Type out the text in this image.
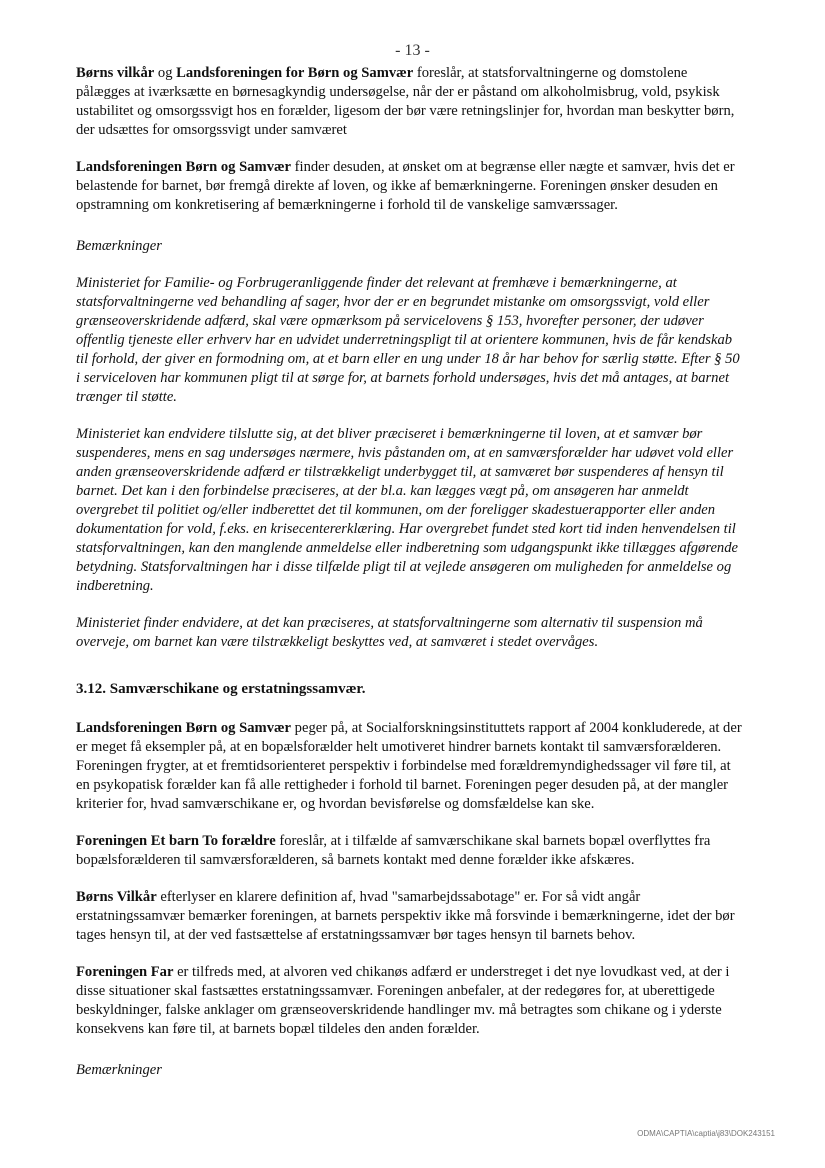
- 13 -

Børns vilkår og Landsforeningen for Børn og Samvær foreslår, at statsforvaltningerne og domstolene pålægges at iværksætte en børnesagkyndig undersøgelse, når der er påstand om alkoholmisbrug, vold, psykisk ustabilitet og omsorgssvigt hos en forælder, ligesom der bør være retningslinjer for, hvordan man beskytter børn, der udsættes for omsorgssvigt under samværet

Landsforeningen Børn og Samvær finder desuden, at ønsket om at begrænse eller nægte et samvær, hvis det er belastende for barnet, bør fremgå direkte af loven, og ikke af bemærkningerne. Foreningen ønsker desuden en opstramning om konkretisering af bemærkningerne i forhold til de vanskelige samværssager.

Bemærkninger

Ministeriet for Familie- og Forbrugeranliggende finder det relevant at fremhæve i bemærkningerne, at statsforvaltningerne ved behandling af sager, hvor der er en begrundet mistanke om omsorgssvigt, vold eller grænseoverskridende adfærd, skal være opmærksom på servicelovens § 153, hvorefter personer, der udøver offentlig tjeneste eller erhverv har en udvidet underretningspligt til at orientere kommunen, hvis de får kendskab til forhold, der giver en formodning om, at et barn eller en ung under 18 år har behov for særlig støtte. Efter § 50 i serviceloven har kommunen pligt til at sørge for, at barnets forhold undersøges, hvis det må antages, at barnet trænger til støtte.

Ministeriet kan endvidere tilslutte sig, at det bliver præciseret i bemærkningerne til loven, at et samvær bør suspenderes, mens en sag undersøges nærmere, hvis påstanden om, at en samværsforælder har udøvet vold eller anden grænseoverskridende adfærd er tilstrækkeligt underbygget til, at samværet bør suspenderes af hensyn til barnet. Det kan i den forbindelse præciseres, at der bl.a. kan lægges vægt på, om ansøgeren har anmeldt overgrebet til politiet og/eller indberettet det til kommunen, om der foreligger skadestuerapporter eller anden dokumentation for vold, f.eks. en krisecentererklæring. Har overgrebet fundet sted kort tid inden henvendelsen til statsforvaltningen, kan den manglende anmeldelse eller indberetning som udgangspunkt ikke tillægges afgørende betydning. Statsforvaltningen har i disse tilfælde pligt til at vejlede ansøgeren om muligheden for anmeldelse og indberetning.

Ministeriet finder endvidere, at det kan præciseres, at statsforvaltningerne som alternativ til suspension må overveje, om barnet kan være tilstrækkeligt beskyttes ved, at samværet i stedet overvåges.

3.12. Samværschikane og erstatningssamvær.

Landsforeningen Børn og Samvær peger på, at Socialforskningsinstituttets rapport af 2004 konkluderede, at der er meget få eksempler på, at en bopælsforælder helt umotiveret hindrer barnets kontakt til samværsforælderen. Foreningen frygter, at et fremtidsorienteret perspektiv i forbindelse med forældremyndighedssager vil føre til, at en psykopatisk forælder kan få alle rettigheder i forhold til barnet. Foreningen peger desuden på, at der mangler kriterier for, hvad samværschikane er, og hvordan bevisførelse og domsfældelse kan ske.

Foreningen Et barn To forældre foreslår, at i tilfælde af samværschikane skal barnets bopæl overflyttes fra bopælsforælderen til samværsforælderen, så barnets kontakt med denne forælder ikke afskæres.

Børns Vilkår efterlyser en klarere definition af, hvad "samarbejdssabotage" er. For så vidt angår erstatningssamvær bemærker foreningen, at barnets perspektiv ikke må forsvinde i bemærkningerne, idet der bør tages hensyn til, at der ved fastsættelse af erstatningssamvær bør tages hensyn til barnets behov.

Foreningen Far er tilfreds med, at alvoren ved chikanøs adfærd er understreget i det nye lovudkast ved, at der i disse situationer skal fastsættes erstatningssamvær. Foreningen anbefaler, at der redegøres for, at uberettigede beskyldninger, falske anklager om grænseoverskridende handlinger mv. må betragtes som chikane og i yderste konsekvens kan føre til, at barnets bopæl tildeles den anden forælder.

Bemærkninger

ODMA\CAPTIA\captia\j83\DOK243151
